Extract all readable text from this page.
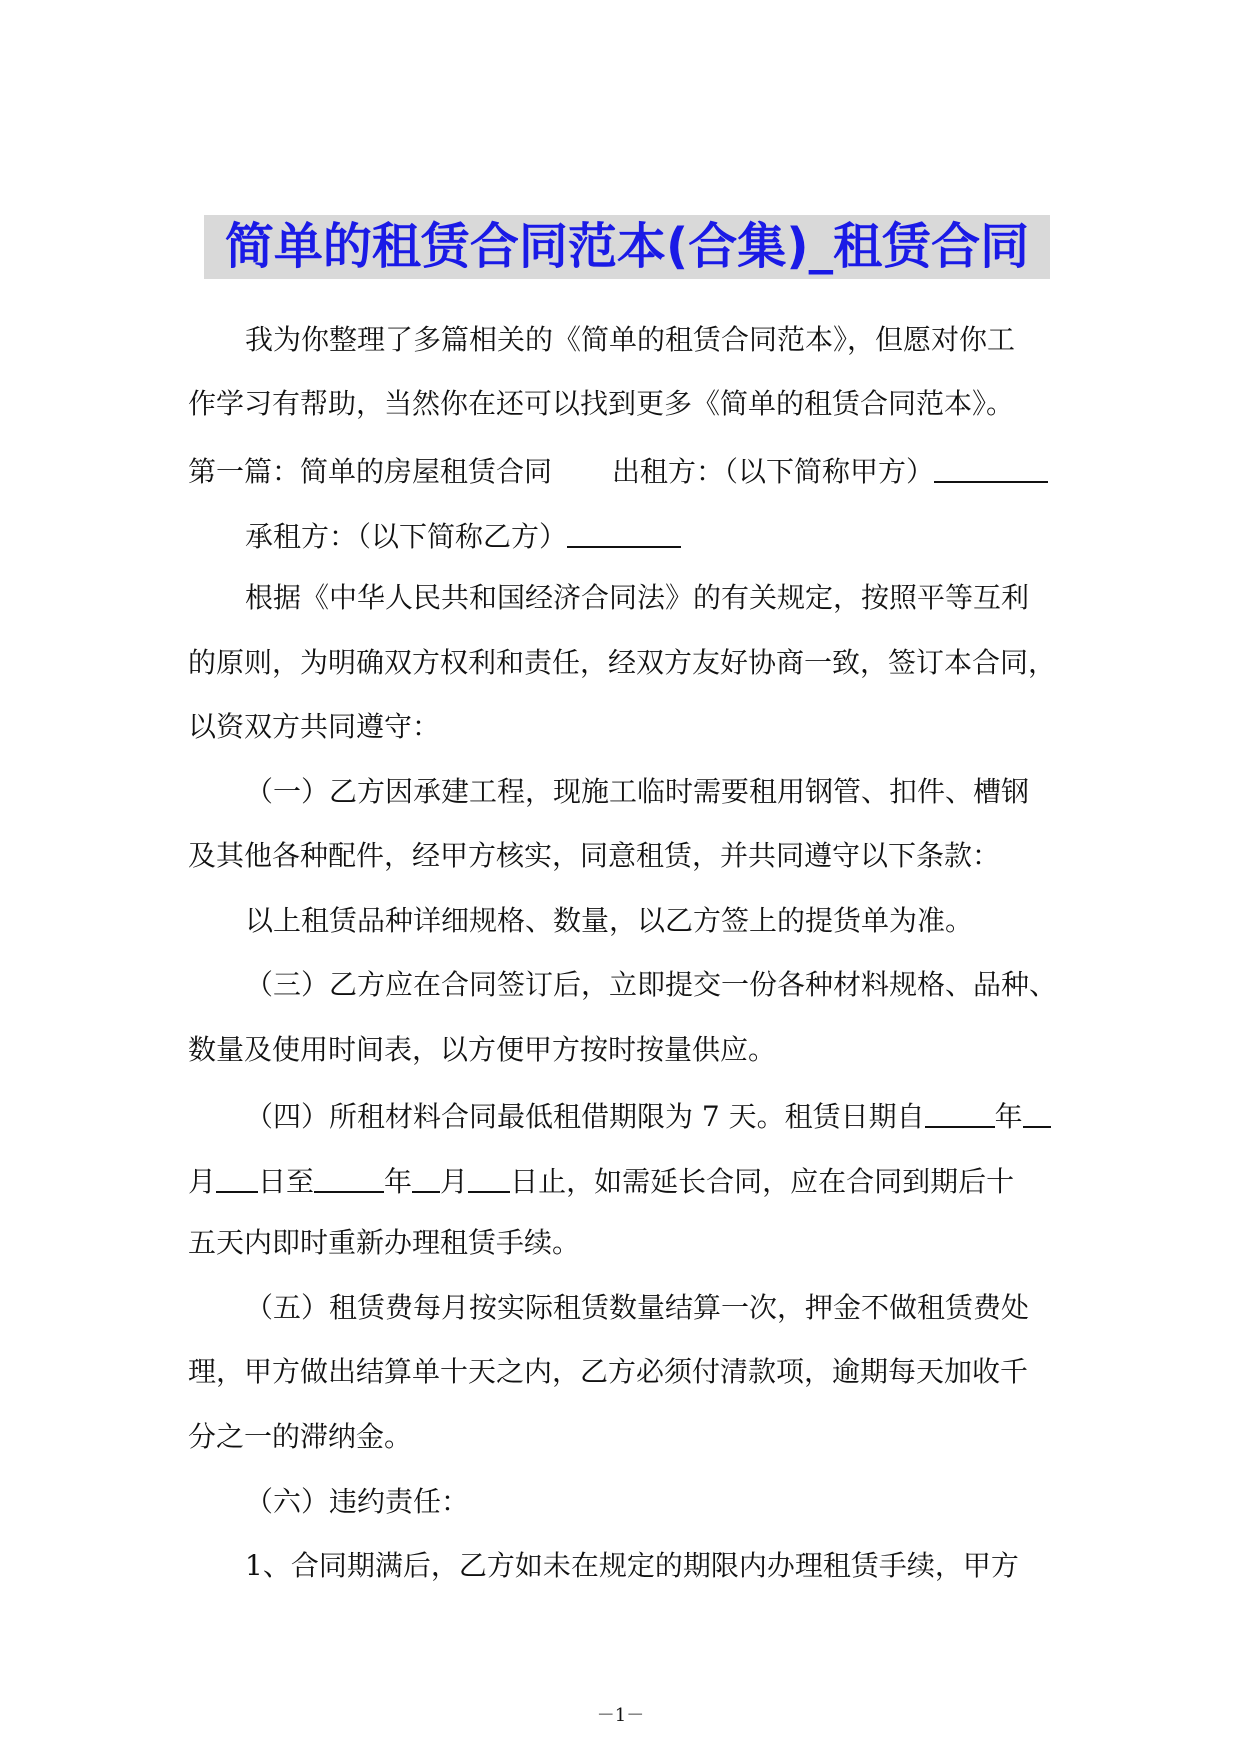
简单的租赁合同范本(合集)_租赁合同
我为你整理了多篇相关的《简单的租赁合同范本》，但愿对你工
作学习有帮助，当然你在还可以找到更多《简单的租赁合同范本》。
第一篇：简单的房屋租赁合同 出租方：（以下简称甲方）
承租方：（以下简称乙方）
根据《中华人民共和国经济合同法》的有关规定，按照平等互利
的原则，为明确双方权利和责任，经双方友好协商一致，签订本合同，
以资双方共同遵守：
（一）乙方因承建工程，现施工临时需要租用钢管、扣件、槽钢
及其他各种配件，经甲方核实，同意租赁，并共同遵守以下条款：
以上租赁品种详细规格、数量，以乙方签上的提货单为准。
（三）乙方应在合同签订后，立即提交一份各种材料规格、品种、
数量及使用时间表，以方便甲方按时按量供应。
（四）所租材料合同最低租借期限为 7 天。租赁日期自	年
月 日至	年 月 日止，如需延长合同，应在合同到期后十
五天内即时重新办理租赁手续。
（五）租赁费每月按实际租赁数量结算一次，押金不做租赁费处
理，甲方做出结算单十天之内，乙方必须付清款项，逾期每天加收千
分之一的滞纳金。
（六）违约责任：
1、合同期满后，乙方如未在规定的期限内办理租赁手续，甲方
－1－
